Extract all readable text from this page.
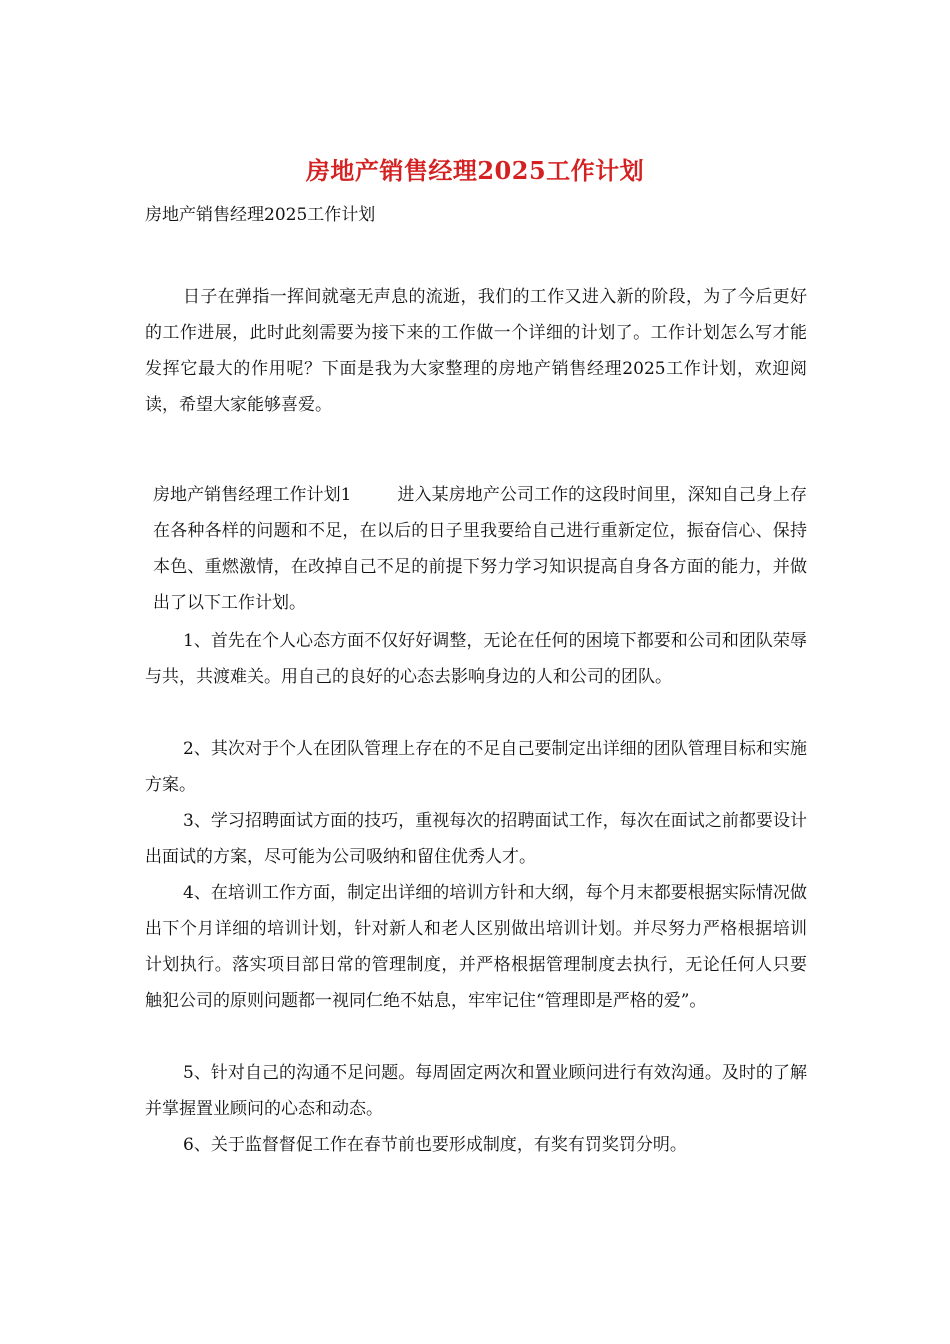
房地产销售经理2025工作计划
房地产销售经理2025工作计划

日子在弹指一挥间就毫无声息的流逝，我们的工作又进入新的阶段，为了今后更好的工作进展，此时此刻需要为接下来的工作做一个详细的计划了。工作计划怎么写才能发挥它最大的作用呢？下面是我为大家整理的房地产销售经理2025工作计划，欢迎阅读，希望大家能够喜爱。

房地产销售经理工作计划1	进入某房地产公司工作的这段时间里，深知自己身上存在各种各样的问题和不足，在以后的日子里我要给自己进行重新定位，振奋信心、保持本色、重燃激情，在改掉自己不足的前提下努力学习知识提高自身各方面的能力，并做出了以下工作计划。

1、首先在个人心态方面不仅好好调整，无论在任何的困境下都要和公司和团队荣辱与共，共渡难关。用自己的良好的心态去影响身边的人和公司的团队。

2、其次对于个人在团队管理上存在的不足自己要制定出详细的团队管理目标和实施方案。

3、学习招聘面试方面的技巧，重视每次的招聘面试工作，每次在面试之前都要设计出面试的方案，尽可能为公司吸纳和留住优秀人才。

4、在培训工作方面，制定出详细的培训方针和大纲，每个月末都要根据实际情况做出下个月详细的培训计划，针对新人和老人区别做出培训计划。并尽努力严格根据培训计划执行。落实项目部日常的管理制度，并严格根据管理制度去执行，无论任何人只要触犯公司的原则问题都一视同仁绝不姑息，牢牢记住“管理即是严格的爱”。

5、针对自己的沟通不足问题。每周固定两次和置业顾问进行有效沟通。及时的了解并掌握置业顾问的心态和动态。

6、关于监督督促工作在春节前也要形成制度，有奖有罚奖罚分明。
